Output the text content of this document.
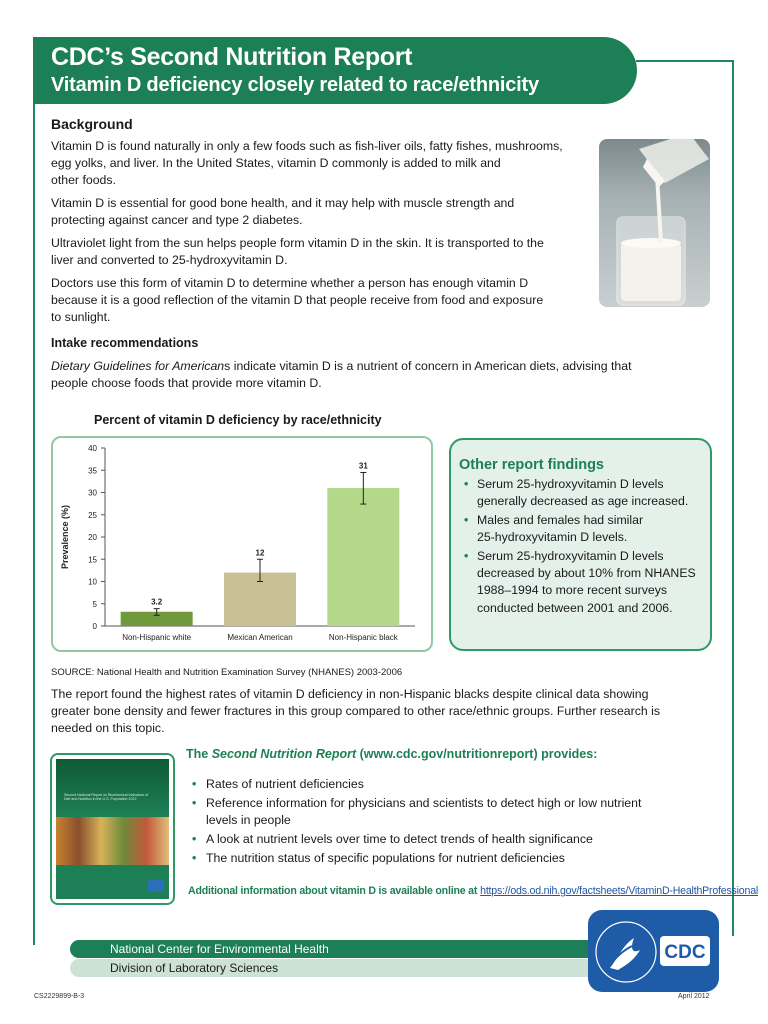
CDC’s Second Nutrition Report
Vitamin D deficiency closely related to race/ethnicity
Background
Vitamin D is found naturally in only a few foods such as fish-liver oils, fatty fishes, mushrooms,
egg yolks, and liver. In the United States, vitamin D commonly is added to milk and
other foods.
Vitamin D is essential for good bone health, and it may help with muscle strength and
protecting against cancer and type 2 diabetes.
Ultraviolet light from the sun helps people form vitamin D in the skin. It is transported to the
liver and converted to 25-hydroxyvitamin D.
Doctors use this form of vitamin D to determine whether a person has enough vitamin D
because it is a good reflection of the vitamin D that people receive from food and exposure
to sunlight.
Intake recommendations
Dietary Guidelines for Americans indicate vitamin D is a nutrient of concern in American diets, advising that
people choose foods that provide more vitamin D.
Percent of vitamin D deficiency by race/ethnicity
0
5
10
15
20
25
30
35
40
Prevalence (%)
3.2
Non-Hispanic white
12
Mexican American
31
Non-Hispanic black
Other report findings
• Serum 25-hydroxyvitamin D levels
generally decreased as age increased.
• Males and females had similar
25-hydroxyvitamin D levels.
• Serum 25-hydroxyvitamin D levels
decreased by about 10% from NHANES
1988–1994 to more recent surveys
conducted between 2001 and 2006.
SOURCE: National Health and Nutrition Examination Survey (NHANES) 2003-2006
The report found the highest rates of vitamin D deficiency in non-Hispanic blacks despite clinical data showing
greater bone density and fewer fractures in this group compared to other race/ethnic groups. Further research is
needed on this topic.
Second National Report on Biochemical Indicators of Diet and Nutrition in the U.S. Population 2012
The Second Nutrition Report (www.cdc.gov/nutritionreport) provides:
• Rates of nutrient deficiencies
• Reference information for physicians and scientists to detect high or low nutrient
levels in people
• A look at nutrient levels over time to detect trends of health significance
• The nutrition status of specific populations for nutrient deficiencies
Additional information about vitamin D is available online at https://ods.od.nih.gov/factsheets/VitaminD-HealthProfessional
National Center for Environmental Health
Division of Laboratory Sciences
CDC
CS2229899-B-3	April 2012
